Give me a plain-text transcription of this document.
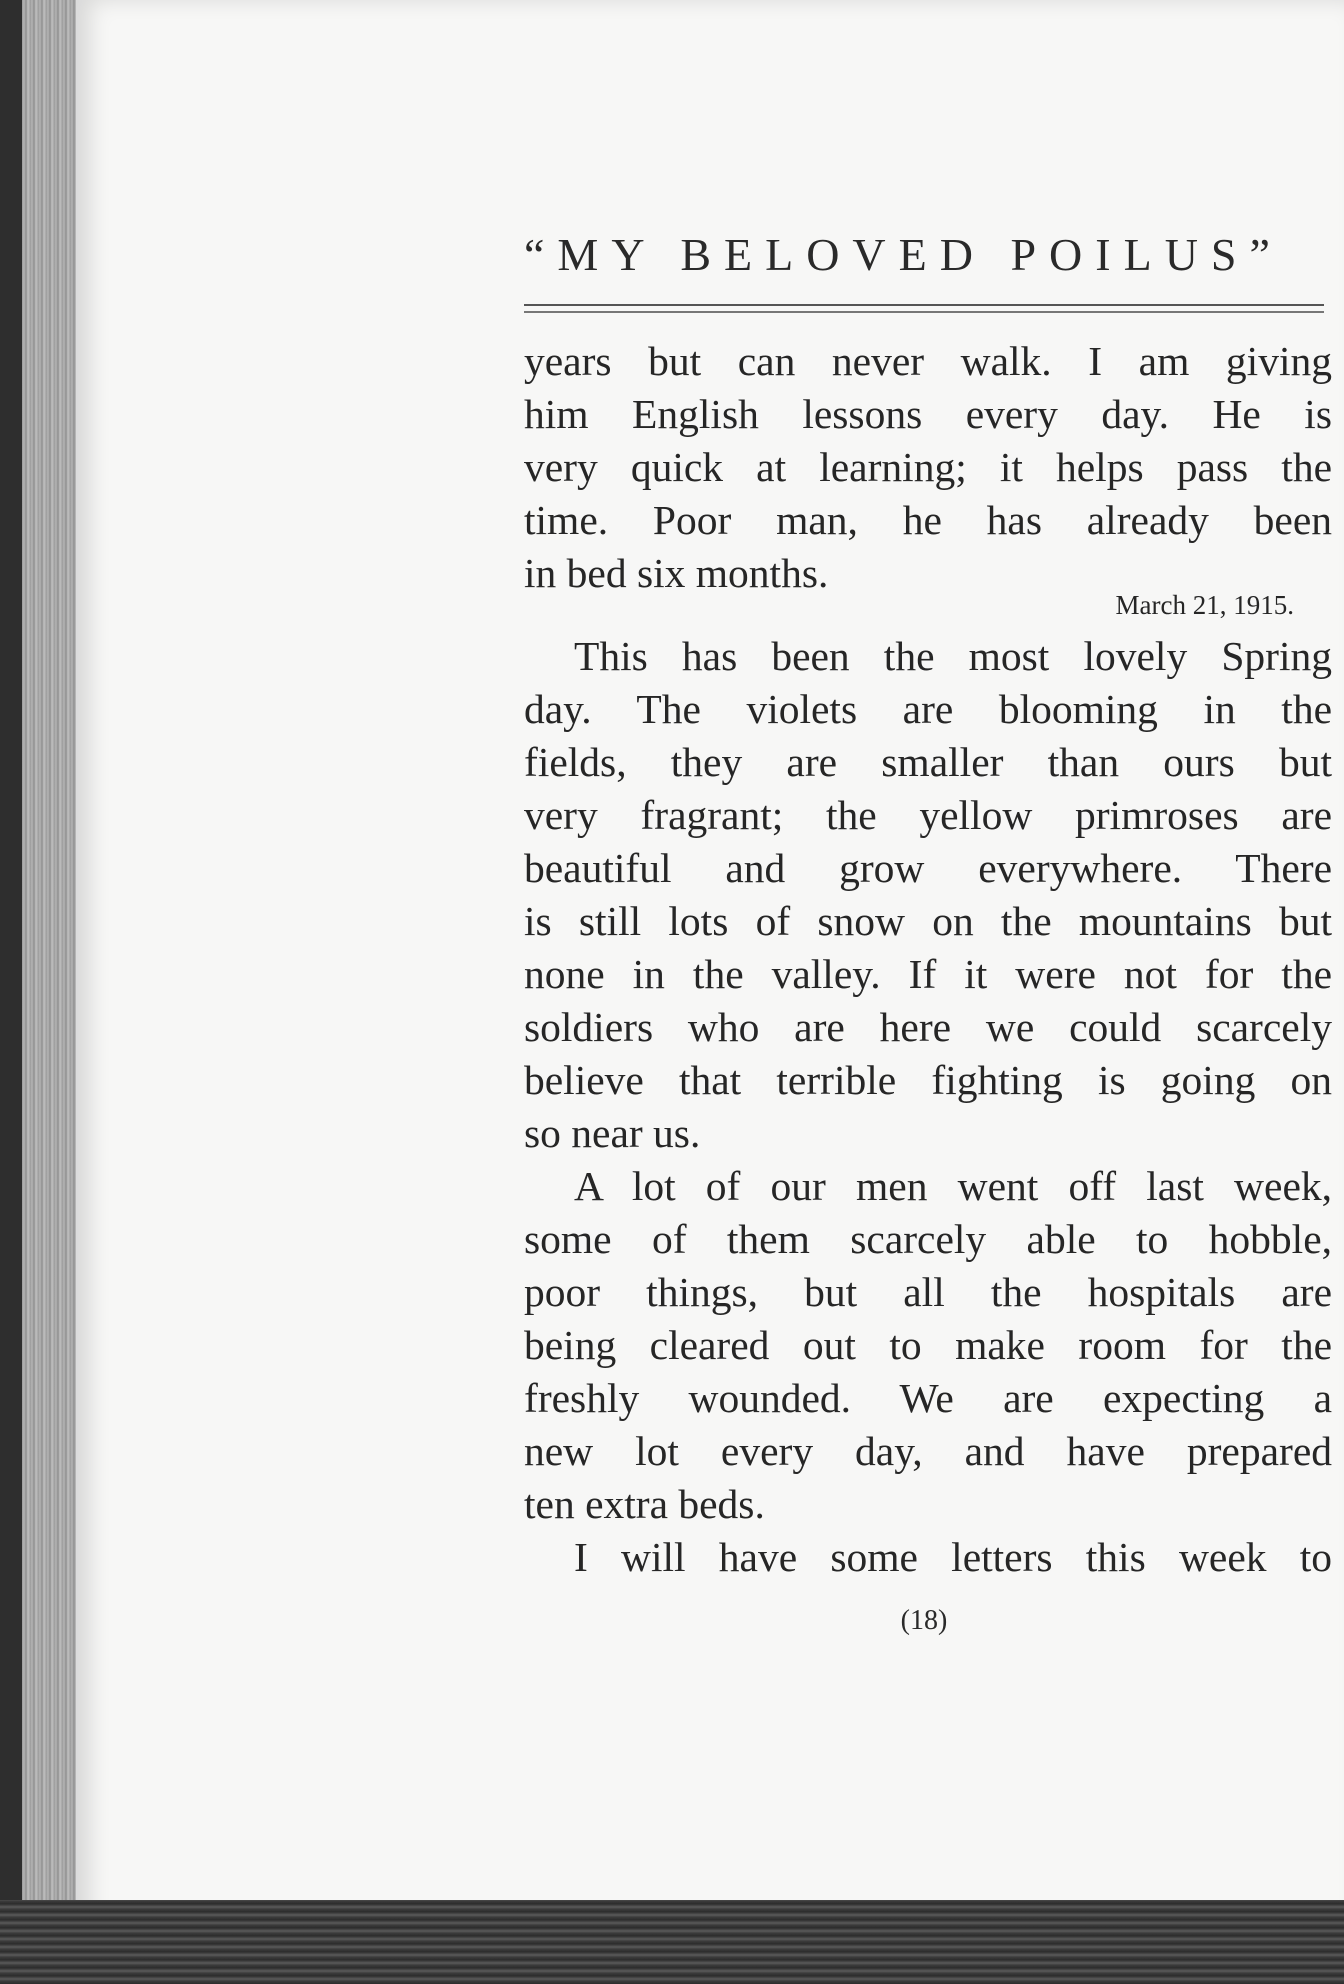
“MY BELOVED POILUS”
years but can never walk. I am giving
him English lessons every day. He is
very quick at learning; it helps pass the
time. Poor man, he has already been
in bed six months.
March 21, 1915.
This has been the most lovely Spring
day. The violets are blooming in the
fields, they are smaller than ours but
very fragrant; the yellow primroses are
beautiful and grow everywhere. There
is still lots of snow on the mountains but
none in the valley. If it were not for the
soldiers who are here we could scarcely
believe that terrible fighting is going on
so near us.
A lot of our men went off last week,
some of them scarcely able to hobble,
poor things, but all the hospitals are
being cleared out to make room for the
freshly wounded. We are expecting a
new lot every day, and have prepared
ten extra beds.
I will have some letters this week to
(18)
